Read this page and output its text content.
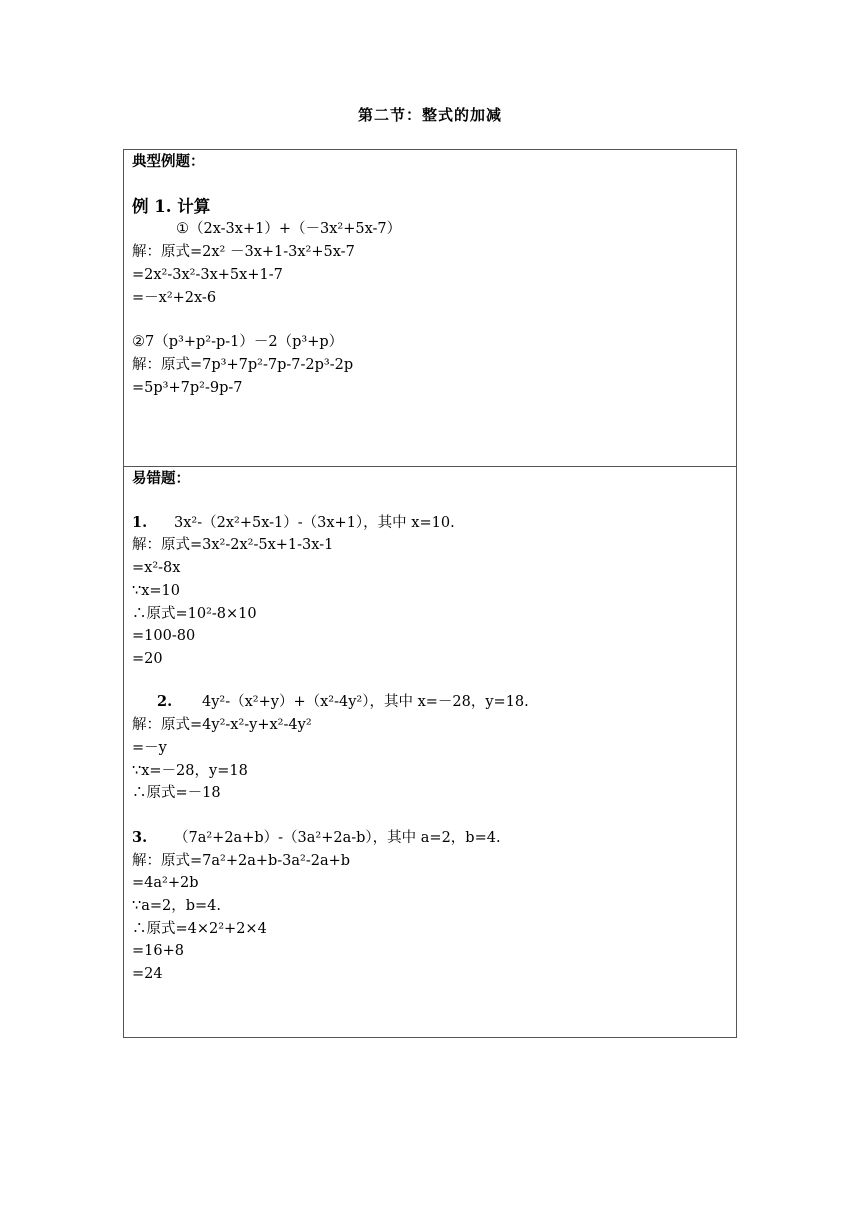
第二节：整式的加减
典型例题：
例 1. 计算
①（2x-3x+1）+（－3x²+5x-7）
解：原式=2x² －3x+1-3x²+5x-7
=2x²-3x²-3x+5x+1-7
=－x²+2x-6
②7（p³+p²-p-1）－2（p³+p）
解：原式=7p³+7p²-7p-7-2p³-2p
=5p³+7p²-9p-7
易错题：
1. 3x²-（2x²+5x-1）-（3x+1），其中 x=10.
解：原式=3x²-2x²-5x+1-3x-1
=x²-8x
∵x=10
∴原式=10²-8×10
=100-80
=20
2. 4y²-（x²+y）+（x²-4y²），其中 x=－28，y=18.
解：原式=4y²-x²-y+x²-4y²
=－y
∵x=－28，y=18
∴原式=－18
3. （7a²+2a+b）-（3a²+2a-b），其中 a=2，b=4.
解：原式=7a²+2a+b-3a²-2a+b
=4a²+2b
∵a=2，b=4.
∴原式=4×2²+2×4
=16+8
=24
